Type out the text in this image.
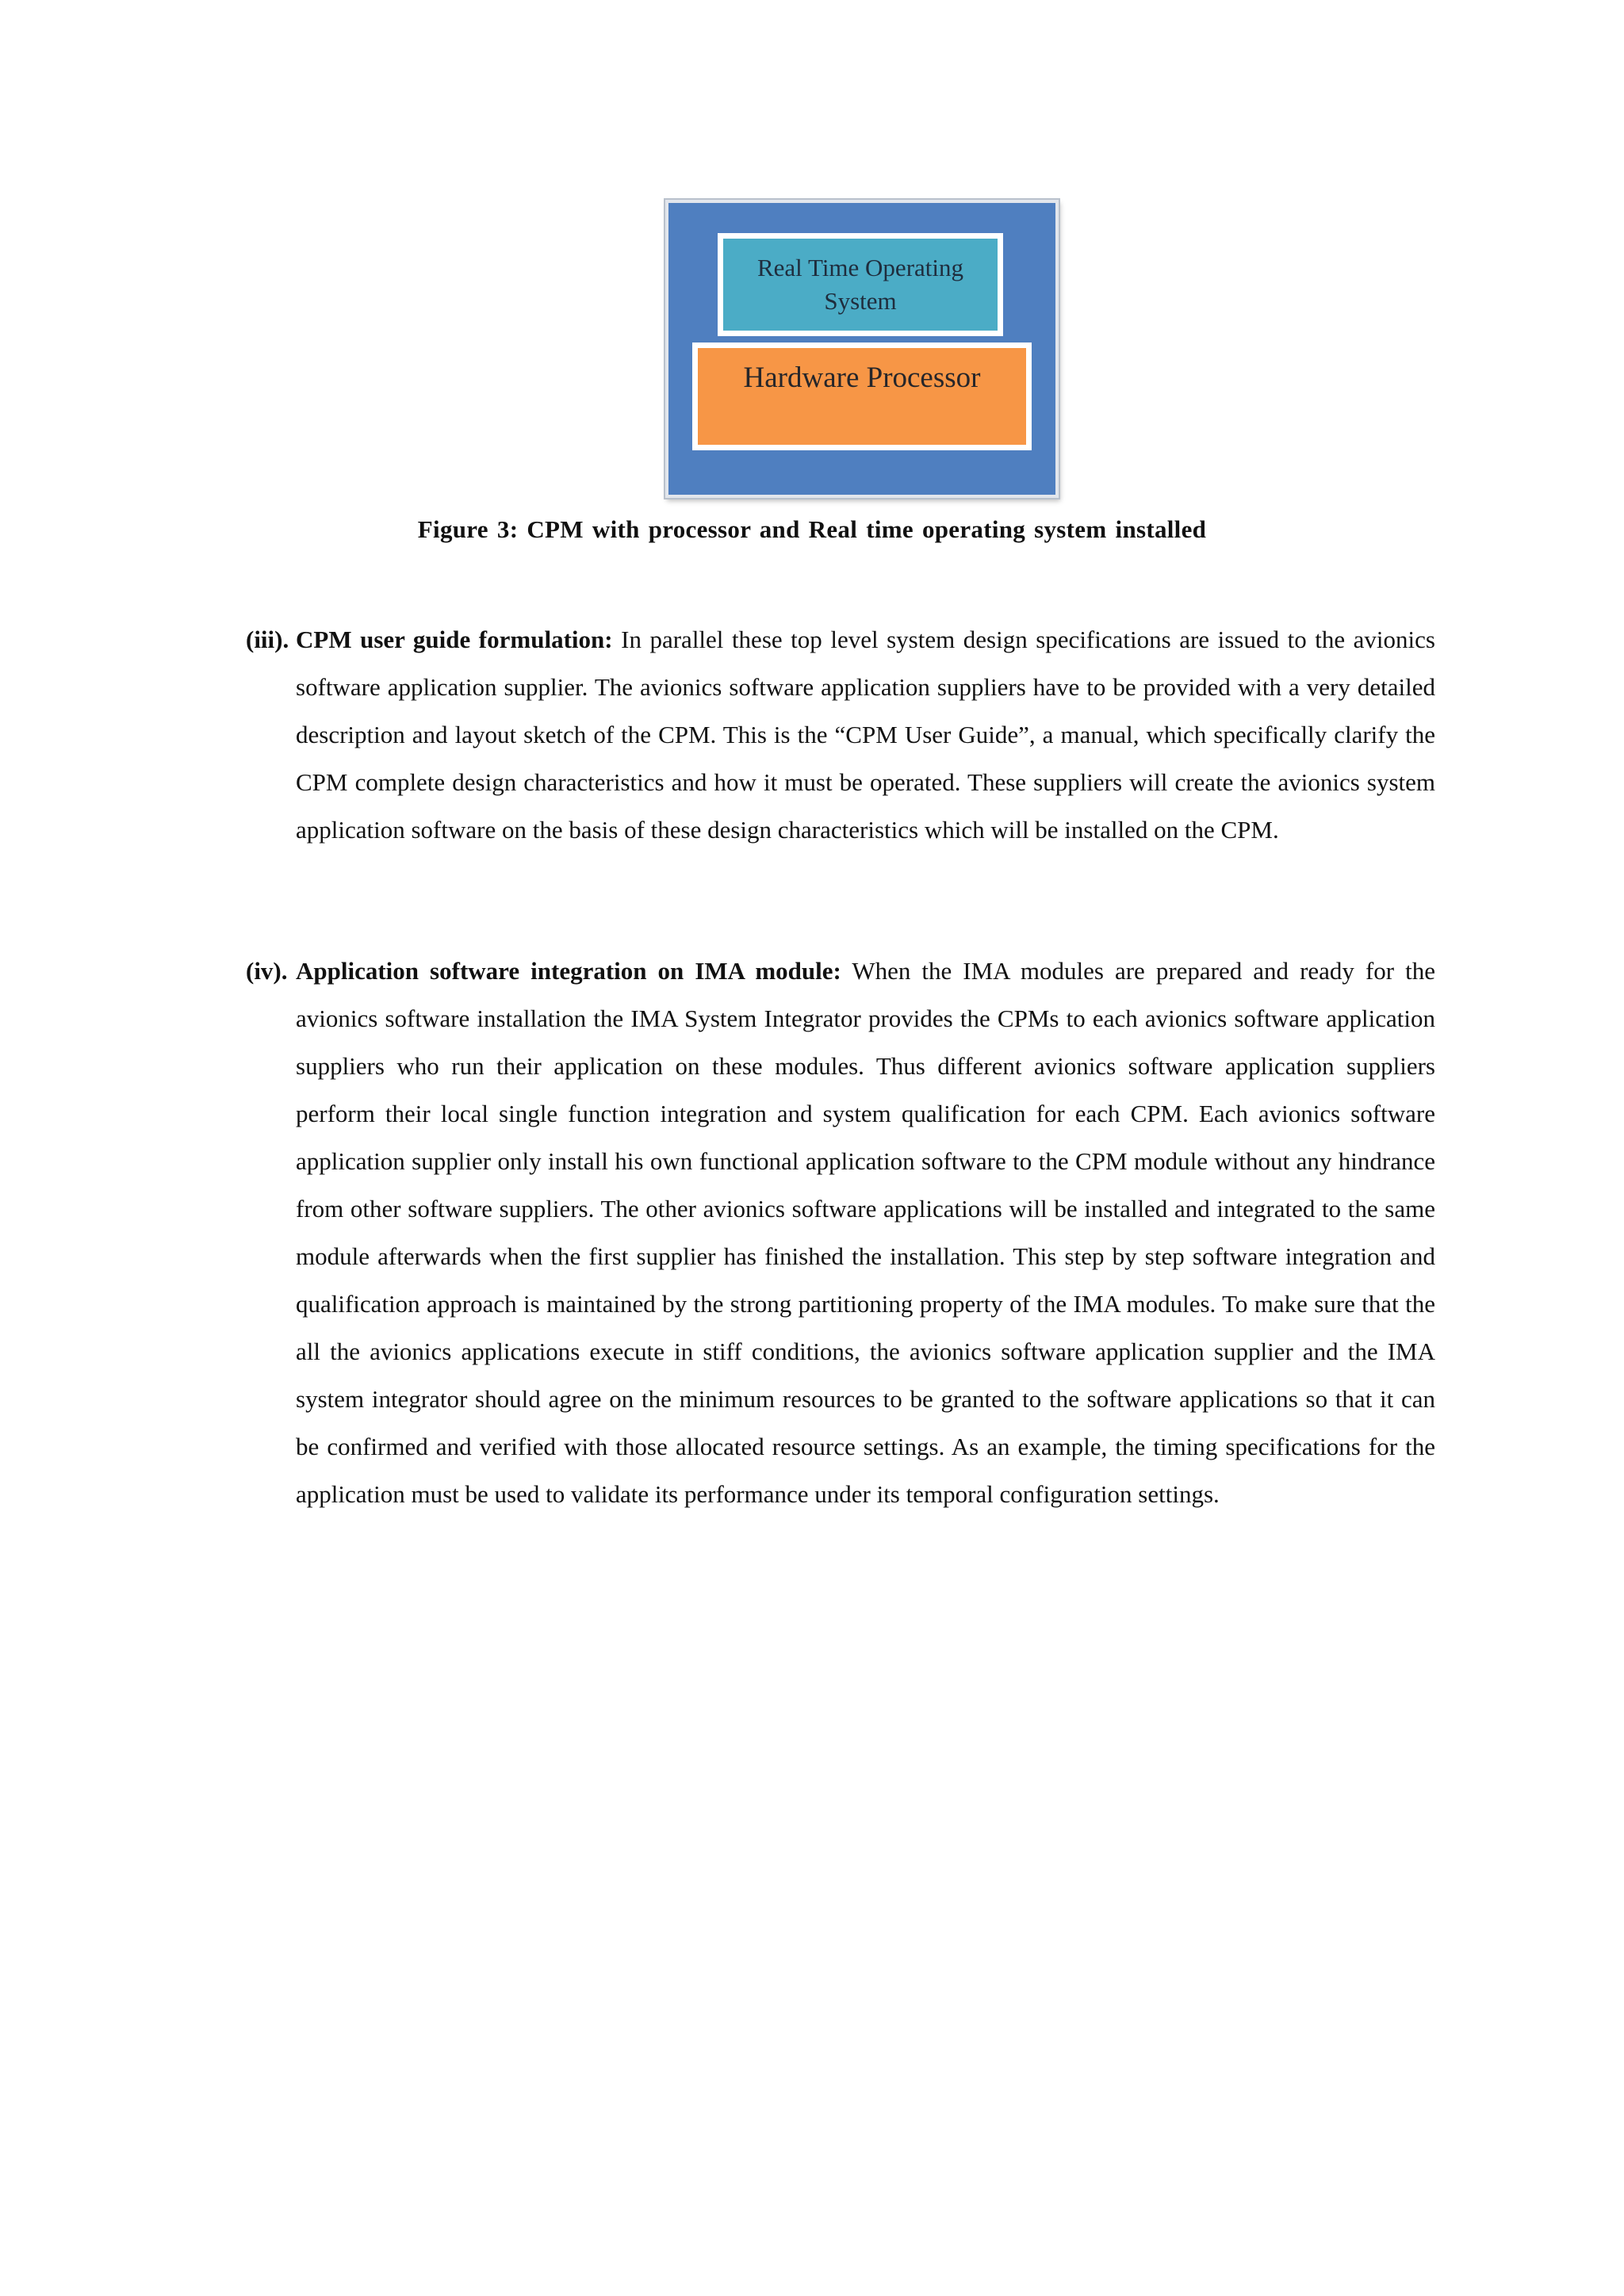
Real Time Operating System
Hardware Processor
Figure 3: CPM with processor and Real time operating system installed
(iii). CPM user guide formulation: In parallel these top level system design specifications are issued to the avionics software application supplier. The avionics software application suppliers have to be provided with a very detailed description and layout sketch of the CPM. This is the “CPM User Guide”, a manual, which specifically clarify the CPM complete design characteristics and how it must be operated. These suppliers will create the avionics system application software on the basis of these design characteristics which will be installed on the CPM.
(iv). Application software integration on IMA module: When the IMA modules are prepared and ready for the avionics software installation the IMA System Integrator provides the CPMs to each avionics software application suppliers who run their application on these modules. Thus different avionics software application suppliers perform their local single function integration and system qualification for each CPM. Each avionics software application supplier only install his own functional application software to the CPM module without any hindrance from other software suppliers. The other avionics software applications will be installed and integrated to the same module afterwards when the first supplier has finished the installation. This step by step software integration and qualification approach is maintained by the strong partitioning property of the IMA modules. To make sure that the all the avionics applications execute in stiff conditions, the avionics software application supplier and the IMA system integrator should agree on the minimum resources to be granted to the software applications so that it can be confirmed and verified with those allocated resource settings. As an example, the timing specifications for the application must be used to validate its performance under its temporal configuration settings.
